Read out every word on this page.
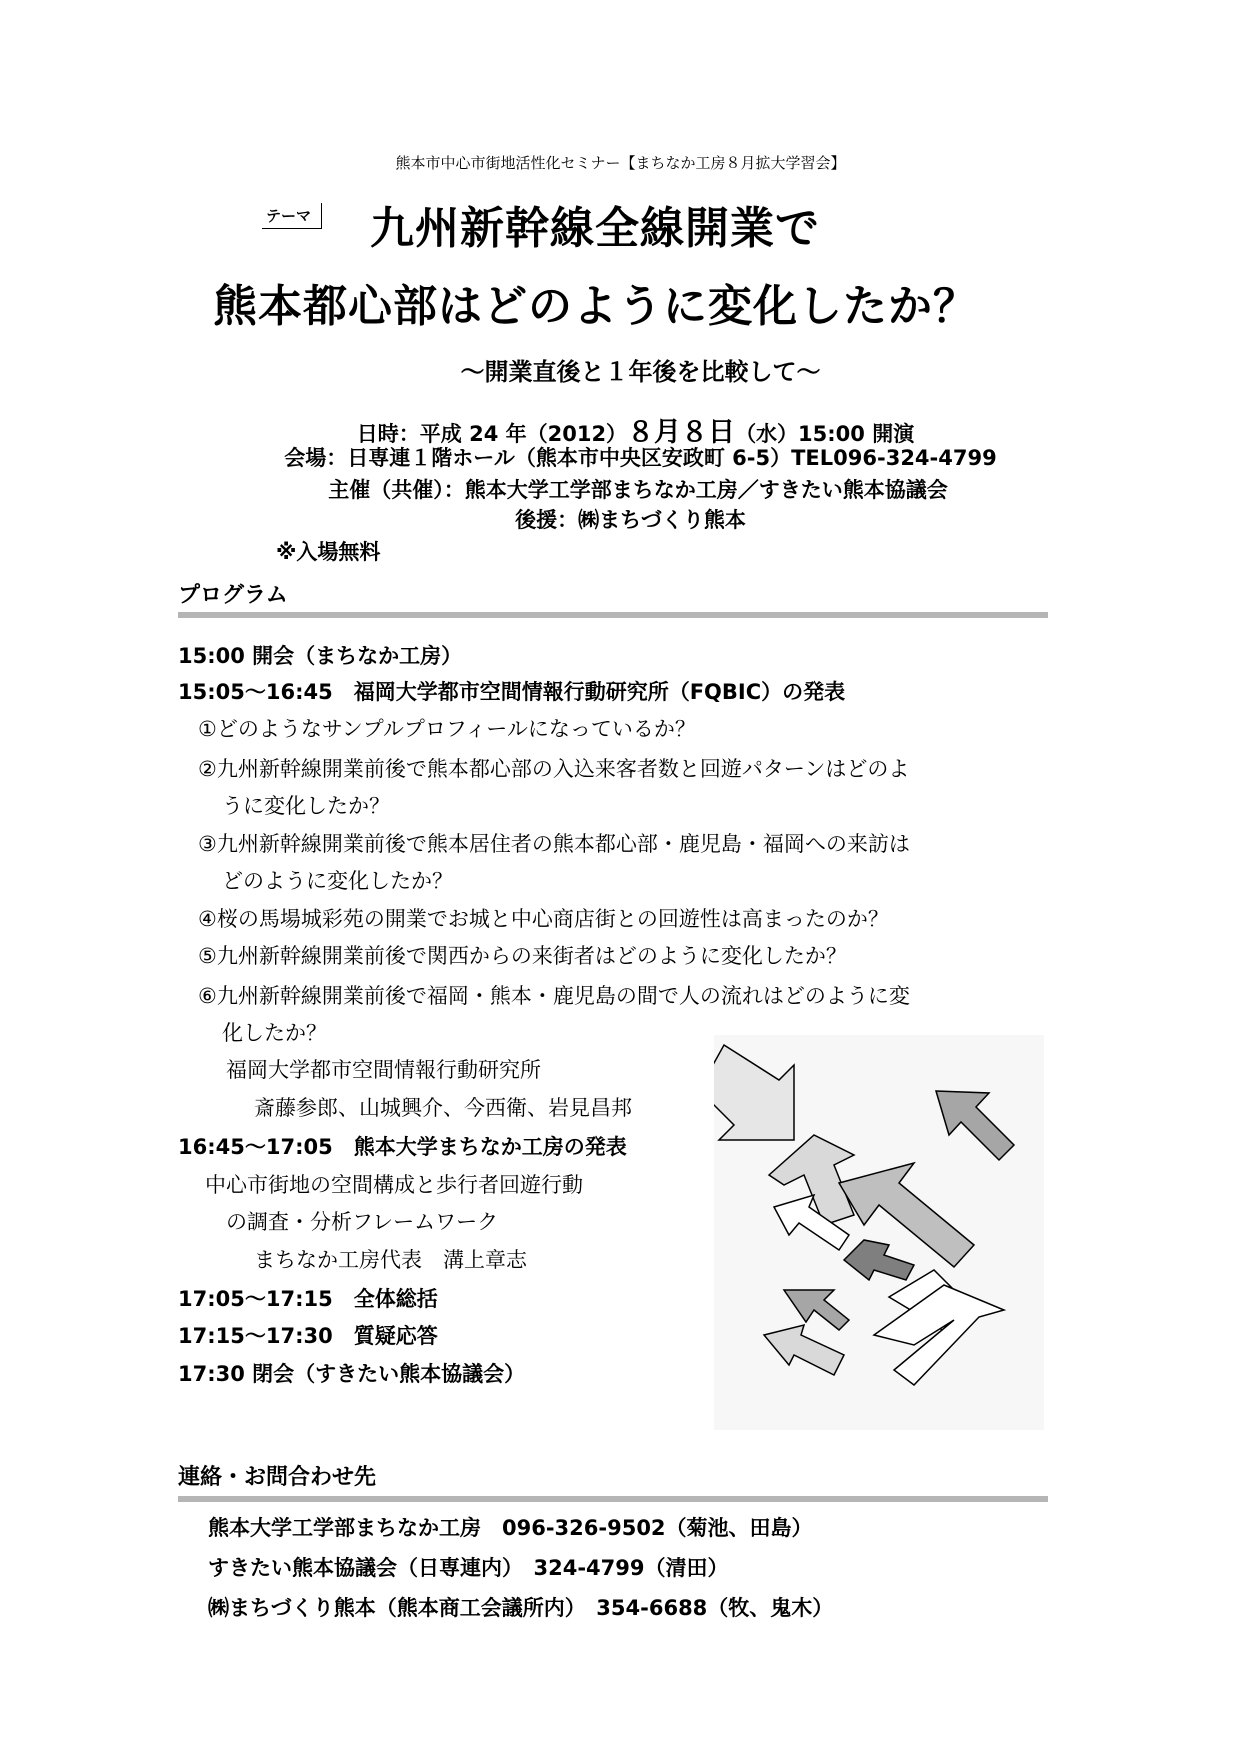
熊本市中心市街地活性化セミナー【まちなか工房８月拡大学習会】
テーマ 九州新幹線全線開業で
熊本都心部はどのように変化したか？
～開業直後と１年後を比較して～
日時：平成 24 年（2012）８月８日（水）15:00 開演
会場：日専連１階ホール（熊本市中央区安政町 6-5）TEL096-324-4799
主催（共催）：熊本大学工学部まちなか工房／すきたい熊本協議会
後援：㈱まちづくり熊本
※入場無料
プログラム
15:00 開会（まちなか工房）
15:05～16:45　福岡大学都市空間情報行動研究所（FQBIC）の発表
①どのようなサンプルプロフィールになっているか？
②九州新幹線開業前後で熊本都心部の入込来客者数と回遊パターンはどのよ
うに変化したか？
③九州新幹線開業前後で熊本居住者の熊本都心部・鹿児島・福岡への来訪は
どのように変化したか？
④桜の馬場城彩苑の開業でお城と中心商店街との回遊性は高まったのか？
⑤九州新幹線開業前後で関西からの来街者はどのように変化したか？
⑥九州新幹線開業前後で福岡・熊本・鹿児島の間で人の流れはどのように変
化したか？
福岡大学都市空間情報行動研究所
斎藤参郎、山城興介、今西衛、岩見昌邦
16:45～17:05　熊本大学まちなか工房の発表
中心市街地の空間構成と歩行者回遊行動
の調査・分析フレームワーク
まちなか工房代表　溝上章志
17:05～17:15　全体総括
17:15～17:30　質疑応答
17:30 閉会（すきたい熊本協議会）
連絡・お問合わせ先
熊本大学工学部まちなか工房　096-326-9502（菊池、田島）
すきたい熊本協議会（日専連内）　324-4799（清田）
㈱まちづくり熊本（熊本商工会議所内）　354-6688（牧、鬼木）
